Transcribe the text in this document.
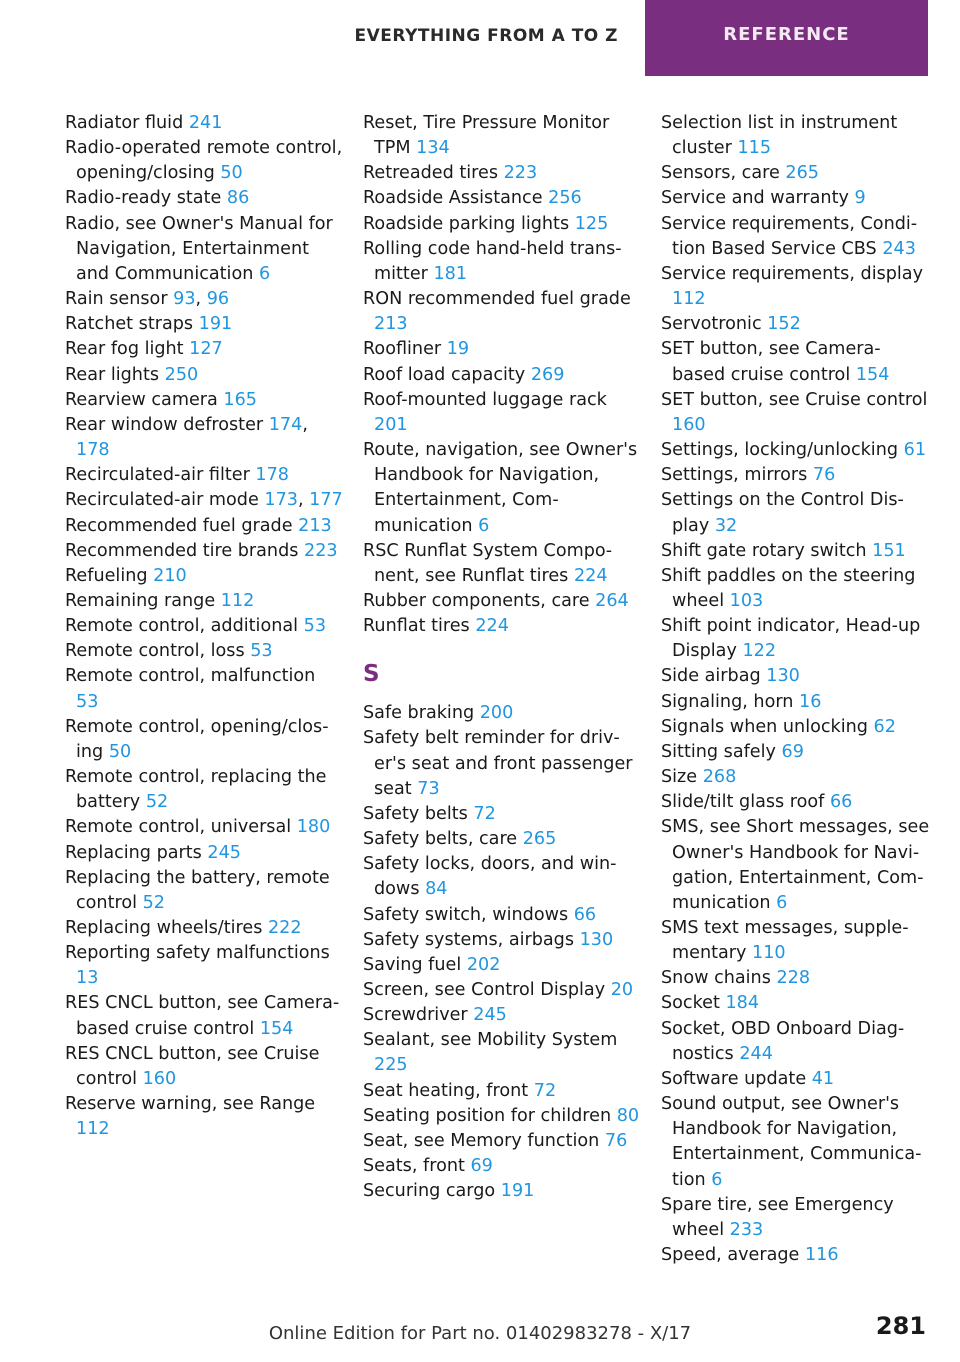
EVERYTHING FROM A TO Z	REFERENCE
Radiator fluid 241
Radio-operated remote control, opening/closing 50
Radio-ready state 86
Radio, see Owner's Manual for Navigation, Entertainment and Communication 6
Rain sensor 93, 96
Ratchet straps 191
Rear fog light 127
Rear lights 250
Rearview camera 165
Rear window defroster 174, 178
Recirculated-air filter 178
Recirculated-air mode 173, 177
Recommended fuel grade 213
Recommended tire brands 223
Refueling 210
Remaining range 112
Remote control, additional 53
Remote control, loss 53
Remote control, malfunction 53
Remote control, opening/closing 50
Remote control, replacing the battery 52
Remote control, universal 180
Replacing parts 245
Replacing the battery, remote control 52
Replacing wheels/tires 222
Reporting safety malfunctions 13
RES CNCL button, see Camera-based cruise control 154
RES CNCL button, see Cruise control 160
Reserve warning, see Range 112
Reset, Tire Pressure Monitor TPM 134
Retreaded tires 223
Roadside Assistance 256
Roadside parking lights 125
Rolling code hand-held transmitter 181
RON recommended fuel grade 213
Roofliner 19
Roof load capacity 269
Roof-mounted luggage rack 201
Route, navigation, see Owner's Handbook for Navigation, Entertainment, Communication 6
RSC Runflat System Component, see Runflat tires 224
Rubber components, care 264
Runflat tires 224
S
Safe braking 200
Safety belt reminder for driver's seat and front passenger seat 73
Safety belts 72
Safety belts, care 265
Safety locks, doors, and windows 84
Safety switch, windows 66
Safety systems, airbags 130
Saving fuel 202
Screen, see Control Display 20
Screwdriver 245
Sealant, see Mobility System 225
Seat heating, front 72
Seating position for children 80
Seat, see Memory function 76
Seats, front 69
Securing cargo 191
Selection list in instrument cluster 115
Sensors, care 265
Service and warranty 9
Service requirements, Condition Based Service CBS 243
Service requirements, display 112
Servotronic 152
SET button, see Camera-based cruise control 154
SET button, see Cruise control 160
Settings, locking/unlocking 61
Settings, mirrors 76
Settings on the Control Display 32
Shift gate rotary switch 151
Shift paddles on the steering wheel 103
Shift point indicator, Head-up Display 122
Side airbag 130
Signaling, horn 16
Signals when unlocking 62
Sitting safely 69
Size 268
Slide/tilt glass roof 66
SMS, see Short messages, see Owner's Handbook for Navigation, Entertainment, Communication 6
SMS text messages, supplementary 110
Snow chains 228
Socket 184
Socket, OBD Onboard Diagnostics 244
Software update 41
Sound output, see Owner's Handbook for Navigation, Entertainment, Communication 6
Spare tire, see Emergency wheel 233
Speed, average 116
Online Edition for Part no. 01402983278 - X/17	281
